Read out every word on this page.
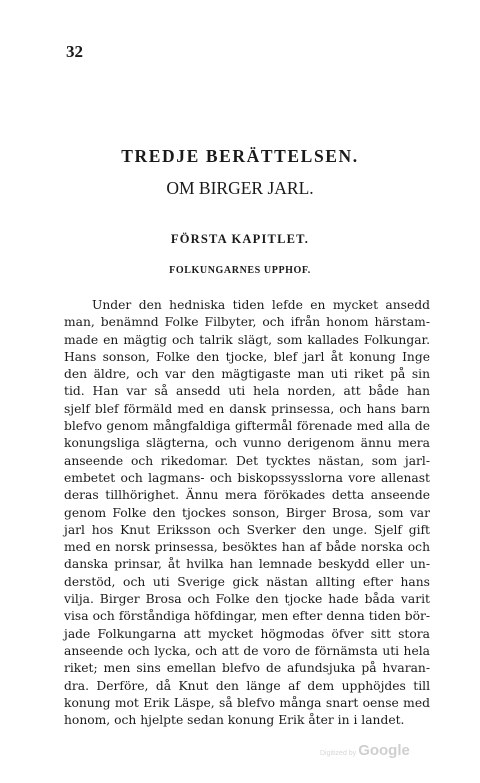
32
TREDJE BERÄTTELSEN.
OM BIRGER JARL.
FÖRSTA KAPITLET.
FOLKUNGARNES UPPHOF.
Under den hedniska tiden lefde en mycket ansedd
man, benämnd Folke Filbyter, och ifrån honom härstam-
made en mägtig och talrik slägt, som kallades Folkungar.
Hans sonson, Folke den tjocke, blef jarl åt konung Inge
den äldre, och var den mägtigaste man uti riket på sin
tid. Han var så ansedd uti hela norden, att både han
sjelf blef förmäld med en dansk prinsessa, och hans barn
blefvo genom mångfaldiga giftermål förenade med alla de
konungsliga slägterna, och vunno derigenom ännu mera
anseende och rikedomar. Det tycktes nästan, som jarl-
embetet och lagmans- och biskopssysslorna vore allenast
deras tillhörighet. Ännu mera förökades detta anseende
genom Folke den tjockes sonson, Birger Brosa, som var
jarl hos Knut Eriksson och Sverker den unge. Sjelf gift
med en norsk prinsessa, besöktes han af både norska och
danska prinsar, åt hvilka han lemnade beskydd eller un-
derstöd, och uti Sverige gick nästan allting efter hans
vilja. Birger Brosa och Folke den tjocke hade båda varit
visa och förståndiga höfdingar, men efter denna tiden bör-
jade Folkungarna att mycket högmodas öfver sitt stora
anseende och lycka, och att de voro de förnämsta uti hela
riket; men sins emellan blefvo de afundsjuka på hvaran-
dra. Derföre, då Knut den länge af dem upphöjdes till
konung mot Erik Läspe, så blefvo många snart oense med
honom, och hjelpte sedan konung Erik åter in i landet.
Digitized by Google
